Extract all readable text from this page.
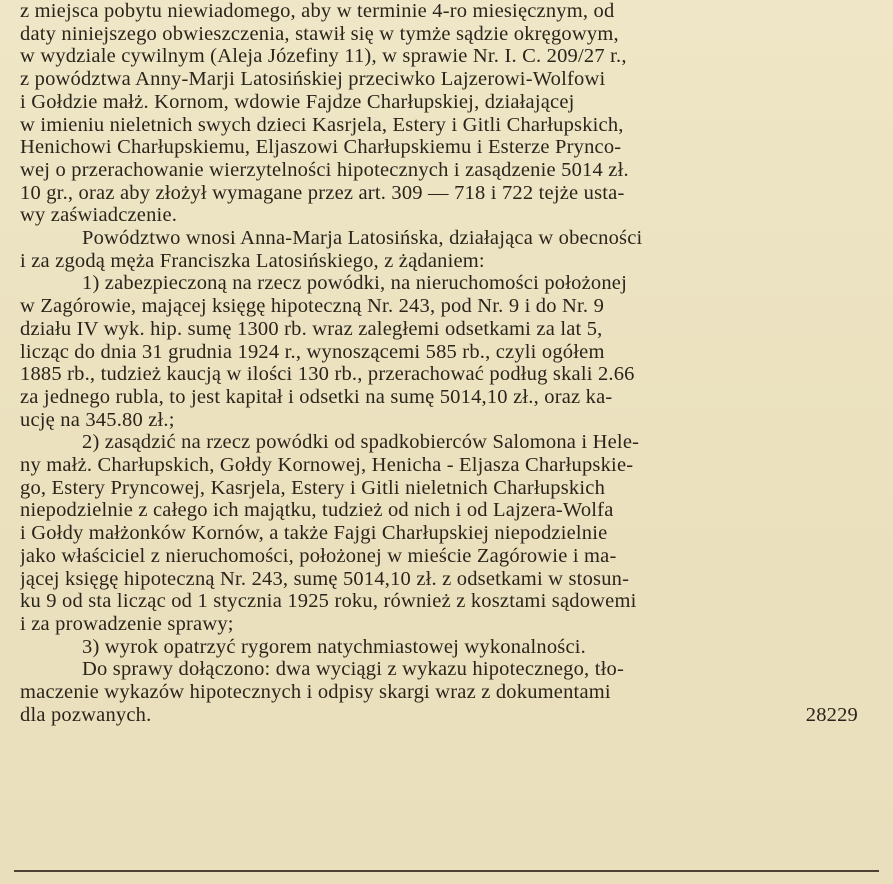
z miejsca pobytu niewiadomego, aby w terminie 4-ro miesięcznym, od
daty niniejszego obwieszczenia, stawił się w tymże sądzie okręgowym,
w wydziale cywilnym (Aleja Józefiny 11), w sprawie Nr. I. C. 209/27 r.,
z powództwa Anny-Marji Latosińskiej przeciwko Lajzerowi-Wolfowi
i Gołdzie małż. Kornom, wdowie Fajdze Charłupskiej, działającej
w imieniu nieletnich swych dzieci Kasrjela, Estery i Gitli Charłupskich,
Henichowi Charłupskiemu, Eljaszowi Charłupskiemu i Esterze Prynco-
wej o przerachowanie wierzytelności hipotecznych i zasądzenie 5014 zł.
10 gr., oraz aby złożył wymagane przez art. 309 — 718 i 722 tejże usta-
wy zaświadczenie.

Powództwo wnosi Anna-Marja Latosińska, działająca w obecności
i za zgodą męża Franciszka Latosińskiego, z żądaniem:

1) zabezpieczoną na rzecz powódki, na nieruchomości położonej
w Zagórowie, mającej księgę hipoteczną Nr. 243, pod Nr. 9 i do Nr. 9
działu IV wyk. hip. sumę 1300 rb. wraz zaległemi odsetkami za lat 5,
licząc do dnia 31 grudnia 1924 r., wynoszącemi 585 rb., czyli ogółem
1885 rb., tudzież kaucją w ilości 130 rb., przerachować podług skali 2.66
za jednego rubla, to jest kapitał i odsetki na sumę 5014,10 zł., oraz ka-
ucję na 345.80 zł.;

2) zasądzić na rzecz powódki od spadkobierców Salomona i Hele-
ny małż. Charłupskich, Gołdy Kornowej, Henicha - Eljasza Charłupskie-
go, Estery Pryncowej, Kasrjela, Estery i Gitli nieletnich Charłupskich
niepodzielnie z całego ich majątku, tudzież od nich i od Lajzera-Wolfa
i Gołdy małżonków Kornów, a także Fajgi Charłupskiej niepodzielnie
jako właściciel z nieruchomości, położonej w mieście Zagórowie i ma-
jącej księgę hipoteczną Nr. 243, sumę 5014,10 zł. z odsetkami w stosun-
ku 9 od sta licząc od 1 stycznia 1925 roku, również z kosztami sądowemi
i za prowadzenie sprawy;

3) wyrok opatrzyć rygorem natychmiastowej wykonalności.

Do sprawy dołączono: dwa wyciągi z wykazu hipotecznego, tło-
maczenie wykazów hipotecznych i odpisy skargi wraz z dokumentami
dla pozwanych.	28229
